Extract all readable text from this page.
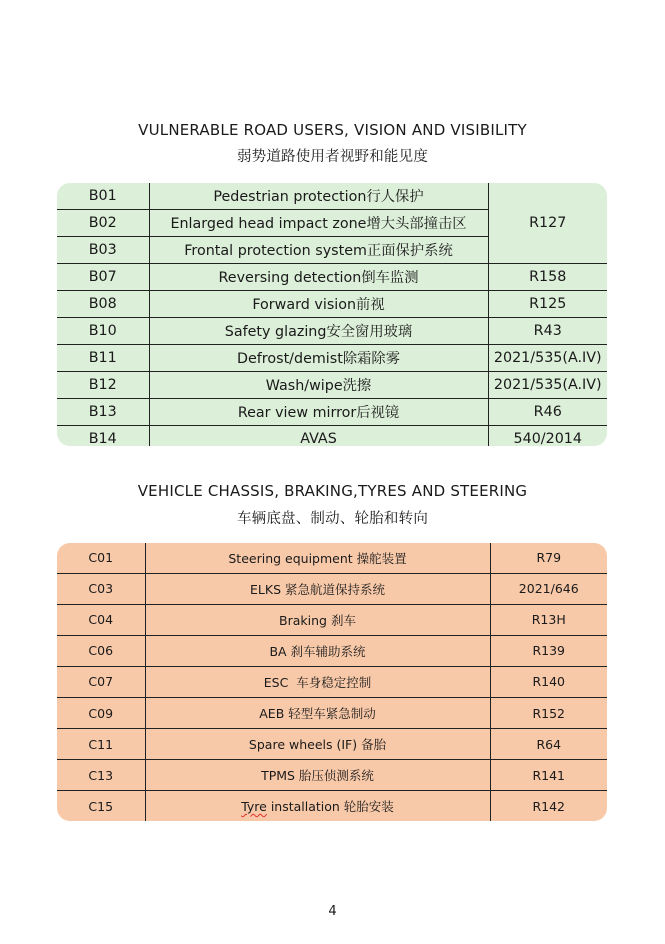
VULNERABLE ROAD USERS, VISION AND VISIBILITY
弱势道路使用者视野和能见度
B01	Pedestrian protection行人保护	R127
B02	Enlarged head impact zone增大头部撞击区	
B03	Frontal protection system正面保护系统	
B07	Reversing detection倒车监测	R158
B08	Forward vision前视	R125
B10	Safety glazing安全窗用玻璃	R43
B11	Defrost/demist除霜除雾	2021/535(A.IV)
B12	Wash/wipe洗擦	2021/535(A.IV)
B13	Rear view mirror后视镜	R46
B14	AVAS	540/2014
VEHICLE CHASSIS, BRAKING,TYRES AND STEERING
车辆底盘、制动、轮胎和转向
C01	Steering equipment 操舵装置	R79
C03	ELKS 紧急航道保持系统	2021/646
C04	Braking 刹车	R13H
C06	BA 刹车辅助系统	R139
C07	ESC  车身稳定控制	R140
C09	AEB 轻型车紧急制动	R152
C11	Spare wheels (IF) 备胎	R64
C13	TPMS 胎压侦测系统	R141
C15	Tyre installation 轮胎安装	R142
4
